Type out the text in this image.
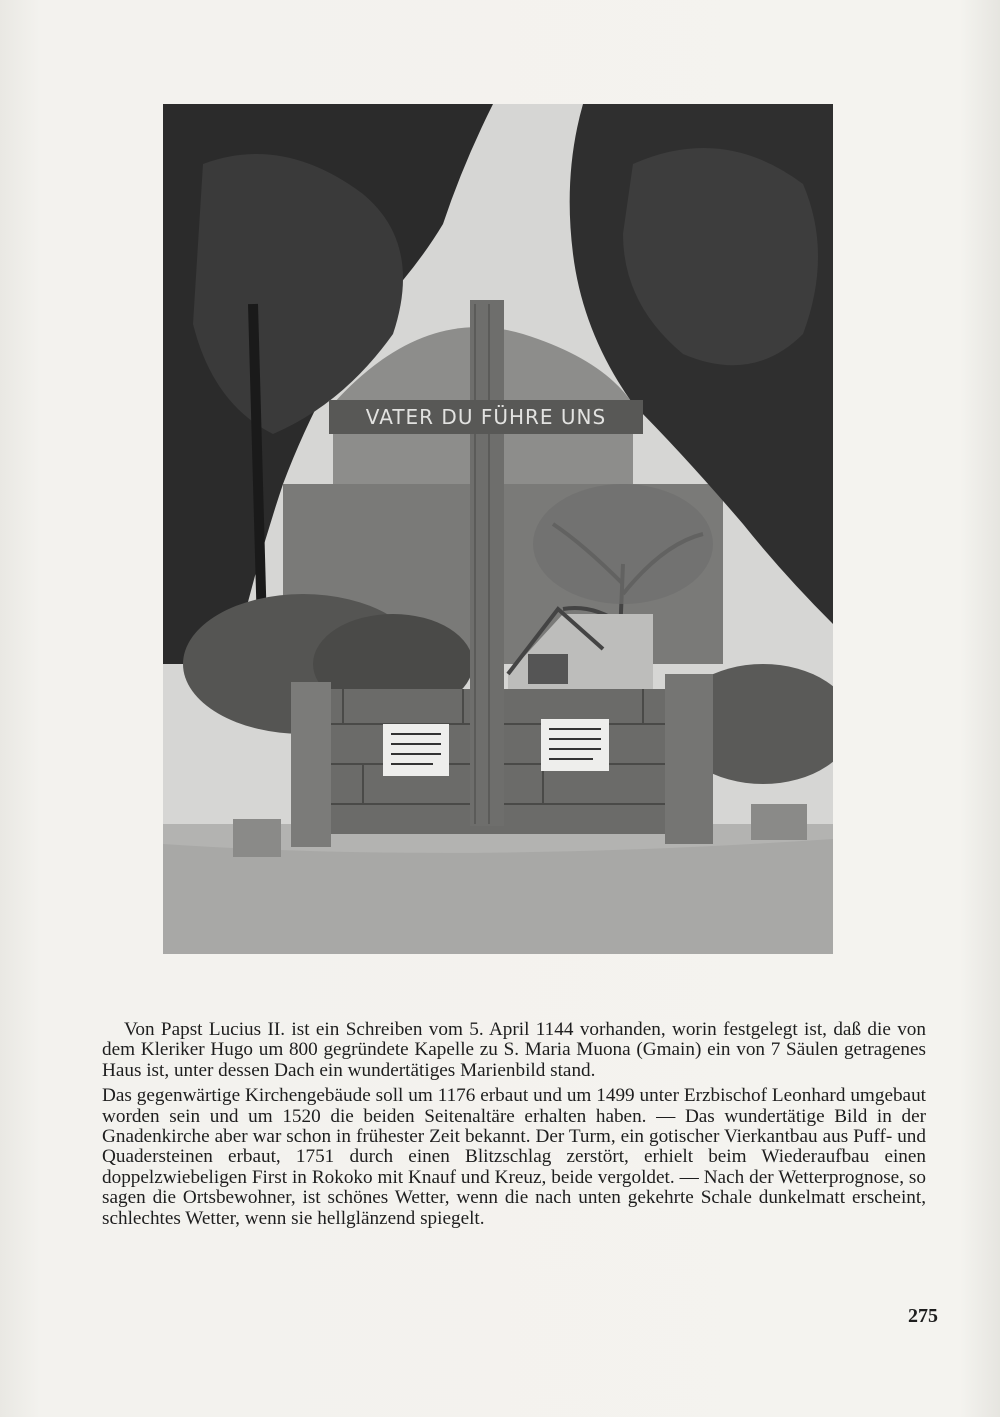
VATER DU FÜHRE UNS

Von Papst Lucius II. ist ein Schreiben vom 5. April 1144 vorhanden, worin festgelegt ist, daß die von dem Kleriker Hugo um 800 gegründete Kapelle zu S. Maria Muona (Gmain) ein von 7 Säulen getragenes Haus ist, unter dessen Dach ein wundertätiges Marienbild stand.

Das gegenwärtige Kirchengebäude soll um 1176 erbaut und um 1499 unter Erzbischof Leonhard umgebaut worden sein und um 1520 die beiden Seitenaltäre erhalten haben. — Das wundertätige Bild in der Gnadenkirche aber war schon in frühester Zeit bekannt. Der Turm, ein gotischer Vierkantbau aus Puff- und Quadersteinen erbaut, 1751 durch einen Blitzschlag zerstört, erhielt beim Wiederaufbau einen doppelzwiebeligen First in Rokoko mit Knauf und Kreuz, beide vergoldet. — Nach der Wetterprognose, so sagen die Ortsbewohner, ist schönes Wetter, wenn die nach unten gekehrte Schale dunkelmatt erscheint, schlechtes Wetter, wenn sie hellglänzend spiegelt.

275
